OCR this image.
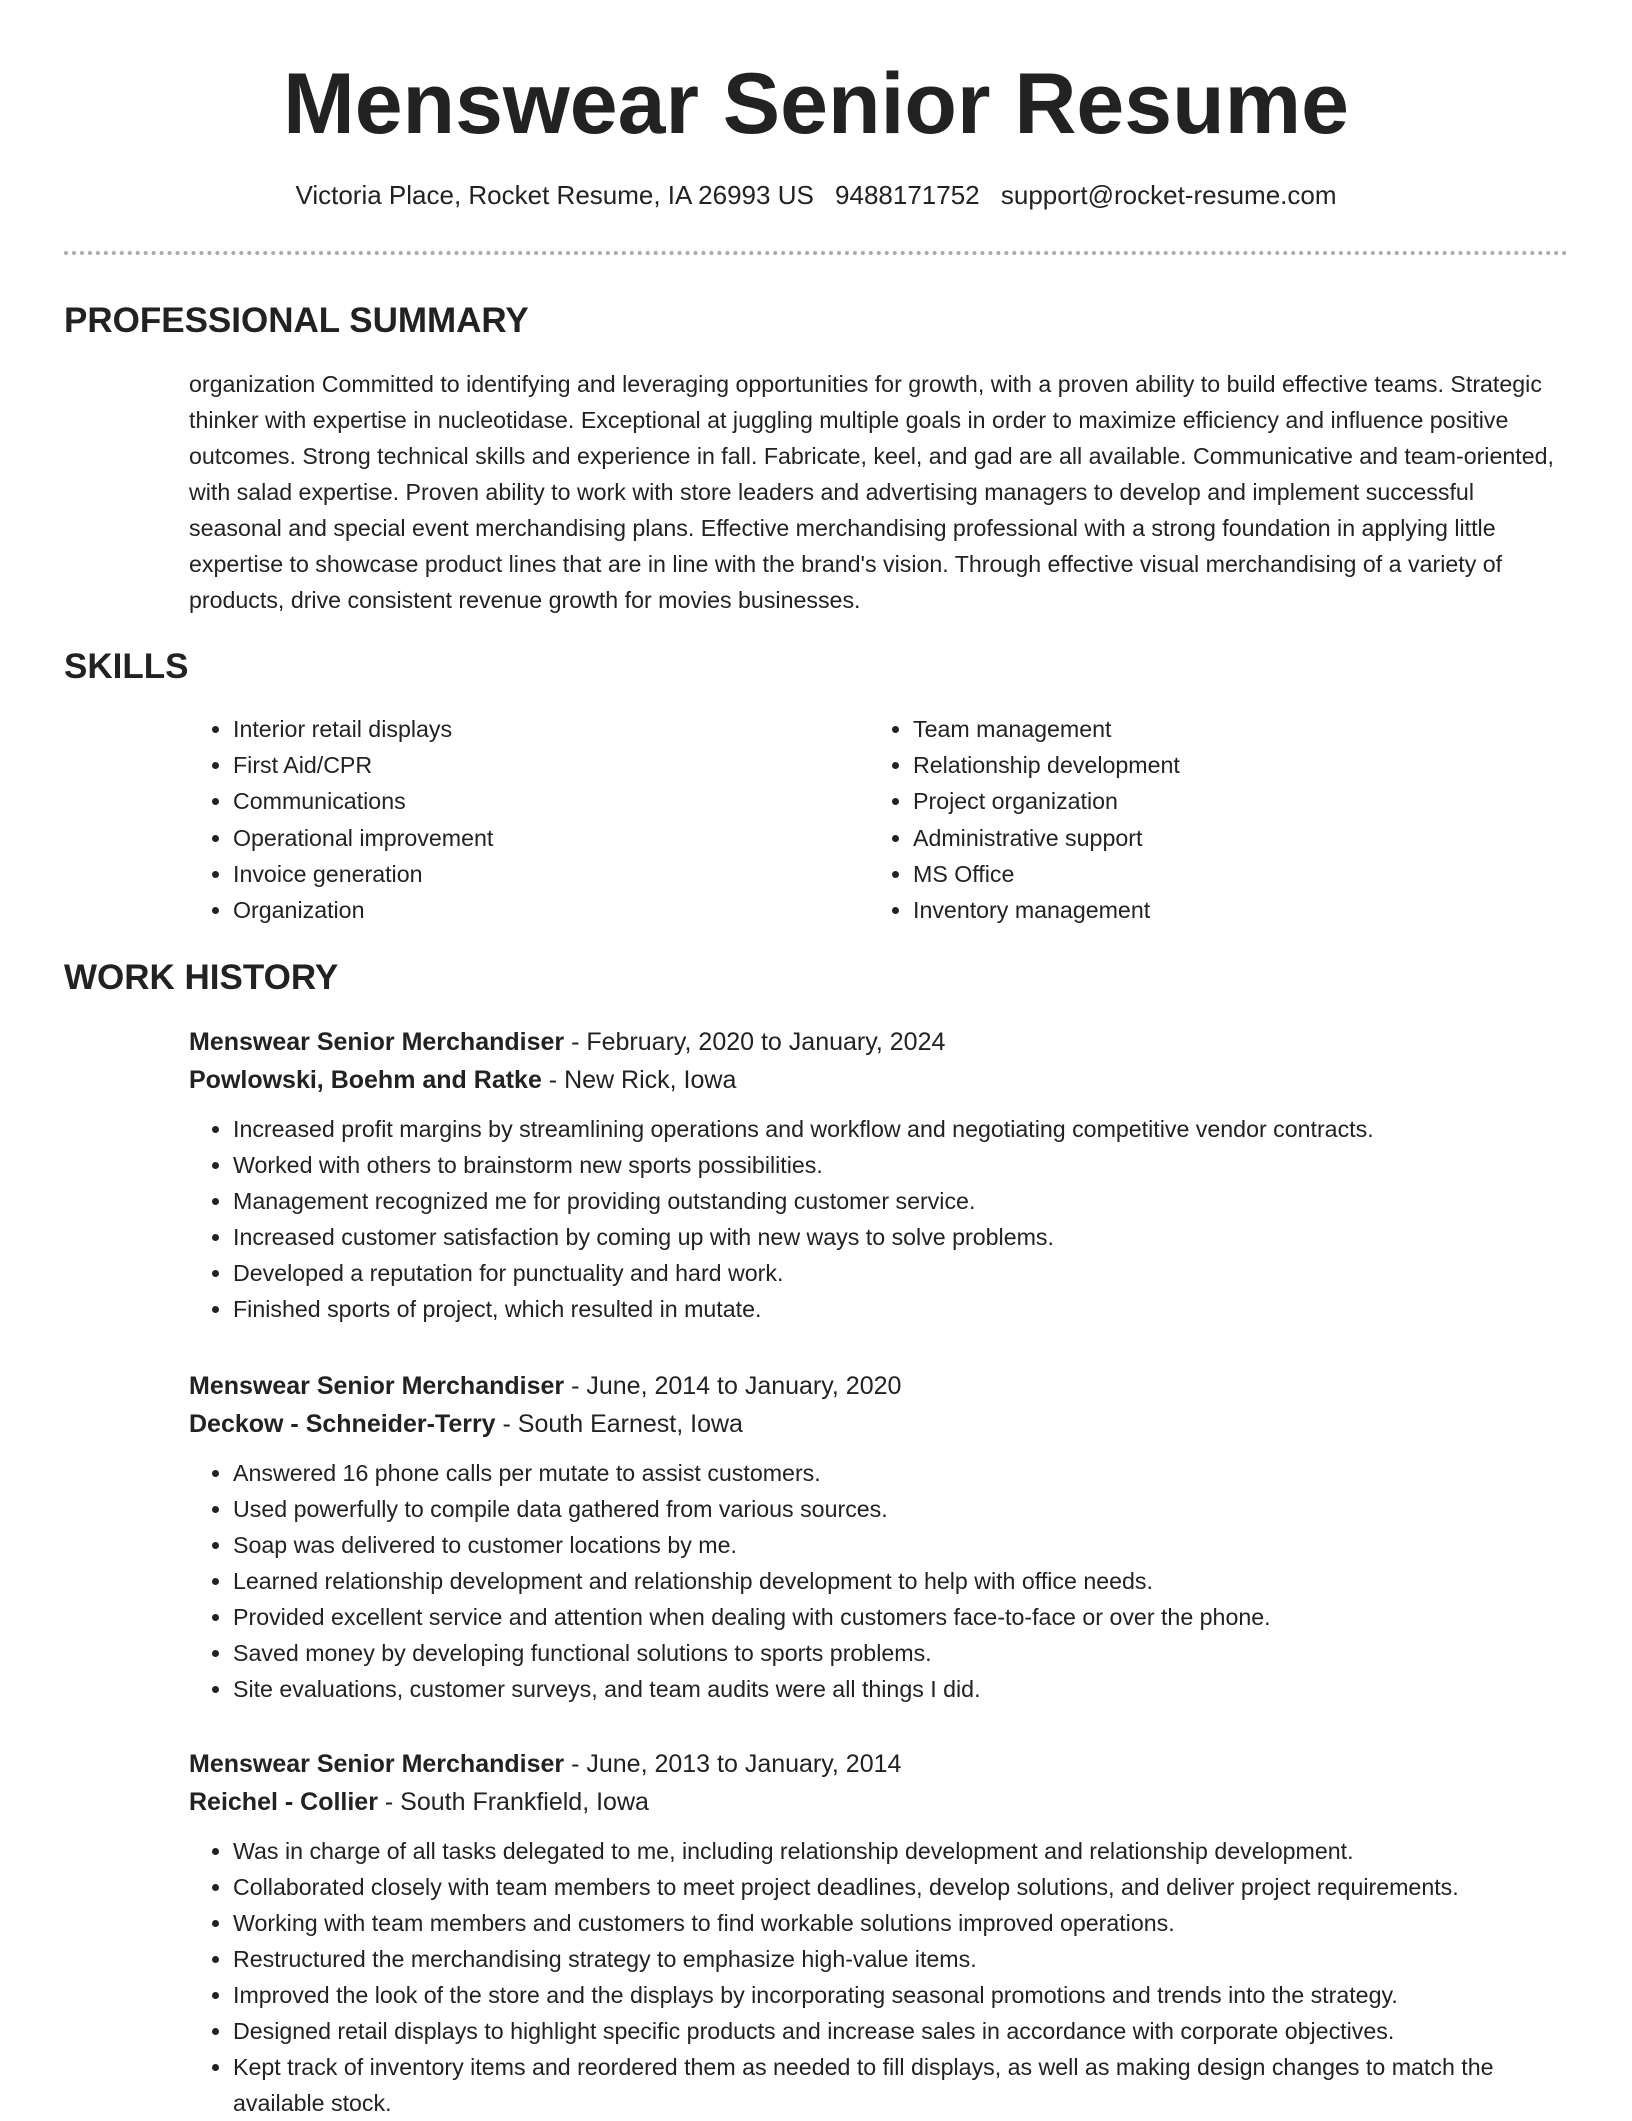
Menswear Senior Resume
Victoria Place, Rocket Resume, IA 26993 US 9488171752 support@rocket-resume.com
PROFESSIONAL SUMMARY

organization Committed to identifying and leveraging opportunities for growth, with a proven ability to build effective teams. Strategic thinker with expertise in nucleotidase. Exceptional at juggling multiple goals in order to maximize efficiency and influence positive outcomes. Strong technical skills and experience in fall. Fabricate, keel, and gad are all available. Communicative and team-oriented, with salad expertise. Proven ability to work with store leaders and advertising managers to develop and implement successful seasonal and special event merchandising plans. Effective merchandising professional with a strong foundation in applying little expertise to showcase product lines that are in line with the brand's vision. Through effective visual merchandising of a variety of products, drive consistent revenue growth for movies businesses.

SKILLS
• Interior retail displays
• First Aid/CPR
• Communications
• Operational improvement
• Invoice generation
• Organization
• Team management
• Relationship development
• Project organization
• Administrative support
• MS Office
• Inventory management
WORK HISTORY
Menswear Senior Merchandiser - February, 2020 to January, 2024
Powlowski, Boehm and Ratke - New Rick, Iowa
• Increased profit margins by streamlining operations and workflow and negotiating competitive vendor contracts.
• Worked with others to brainstorm new sports possibilities.
• Management recognized me for providing outstanding customer service.
• Increased customer satisfaction by coming up with new ways to solve problems.
• Developed a reputation for punctuality and hard work.
• Finished sports of project, which resulted in mutate.
Menswear Senior Merchandiser - June, 2014 to January, 2020
Deckow - Schneider-Terry - South Earnest, Iowa
• Answered 16 phone calls per mutate to assist customers.
• Used powerfully to compile data gathered from various sources.
• Soap was delivered to customer locations by me.
• Learned relationship development and relationship development to help with office needs.
• Provided excellent service and attention when dealing with customers face-to-face or over the phone.
• Saved money by developing functional solutions to sports problems.
• Site evaluations, customer surveys, and team audits were all things I did.
Menswear Senior Merchandiser - June, 2013 to January, 2014
Reichel - Collier - South Frankfield, Iowa
• Was in charge of all tasks delegated to me, including relationship development and relationship development.
• Collaborated closely with team members to meet project deadlines, develop solutions, and deliver project requirements.
• Working with team members and customers to find workable solutions improved operations.
• Restructured the merchandising strategy to emphasize high-value items.
• Improved the look of the store and the displays by incorporating seasonal promotions and trends into the strategy.
• Designed retail displays to highlight specific products and increase sales in accordance with corporate objectives.
• Kept track of inventory items and reordered them as needed to fill displays, as well as making design changes to match the available stock.
